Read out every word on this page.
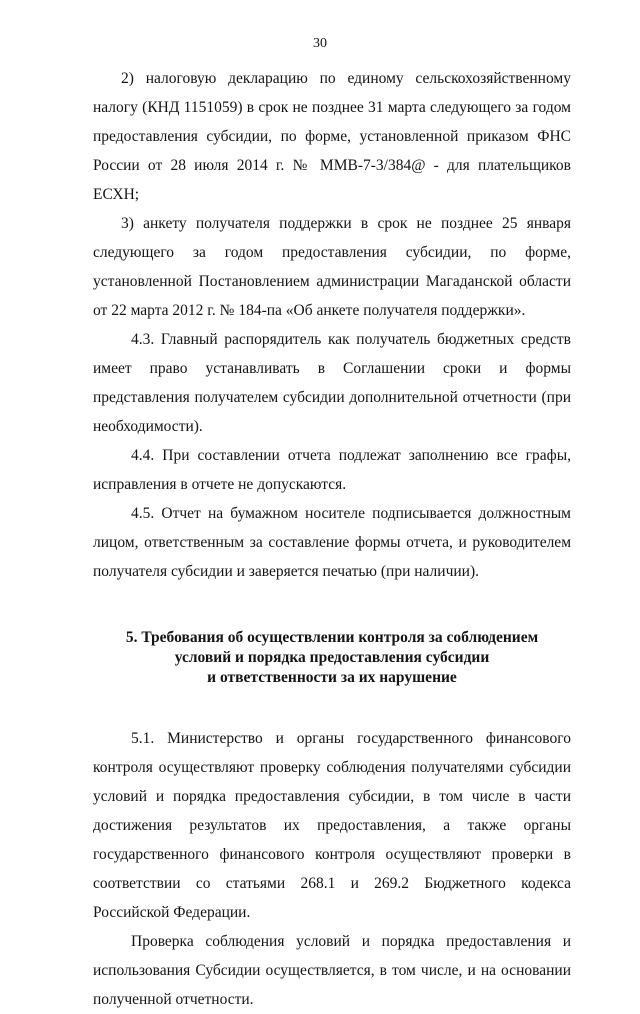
30

2) налоговую декларацию по единому сельскохозяйственному налогу (КНД 1151059) в срок не позднее 31 марта следующего за годом предоставления субсидии, по форме, установленной приказом ФНС России от 28 июля 2014 г. № ММВ-7-3/384@ - для плательщиков ЕСХН;

3) анкету получателя поддержки в срок не позднее 25 января следующего за годом предоставления субсидии, по форме, установленной Постановлением администрации Магаданской области от 22 марта 2012 г. № 184-па «Об анкете получателя поддержки».

4.3. Главный распорядитель как получатель бюджетных средств имеет право устанавливать в Соглашении сроки и формы представления получателем субсидии дополнительной отчетности (при необходимости).

4.4. При составлении отчета подлежат заполнению все графы, исправления в отчете не допускаются.

4.5. Отчет на бумажном носителе подписывается должностным лицом, ответственным за составление формы отчета, и руководителем получателя субсидии и заверяется печатью (при наличии).

5. Требования об осуществлении контроля за соблюдением
условий и порядка предоставления субсидии
и ответственности за их нарушение

5.1. Министерство и органы государственного финансового контроля осуществляют проверку соблюдения получателями субсидии условий и порядка предоставления субсидии, в том числе в части достижения результатов их предоставления, а также органы государственного финансового контроля осуществляют проверки в соответствии со статьями 268.1 и 269.2 Бюджетного кодекса Российской Федерации.

Проверка соблюдения условий и порядка предоставления и использования Субсидии осуществляется, в том числе, и на основании полученной отчетности.
